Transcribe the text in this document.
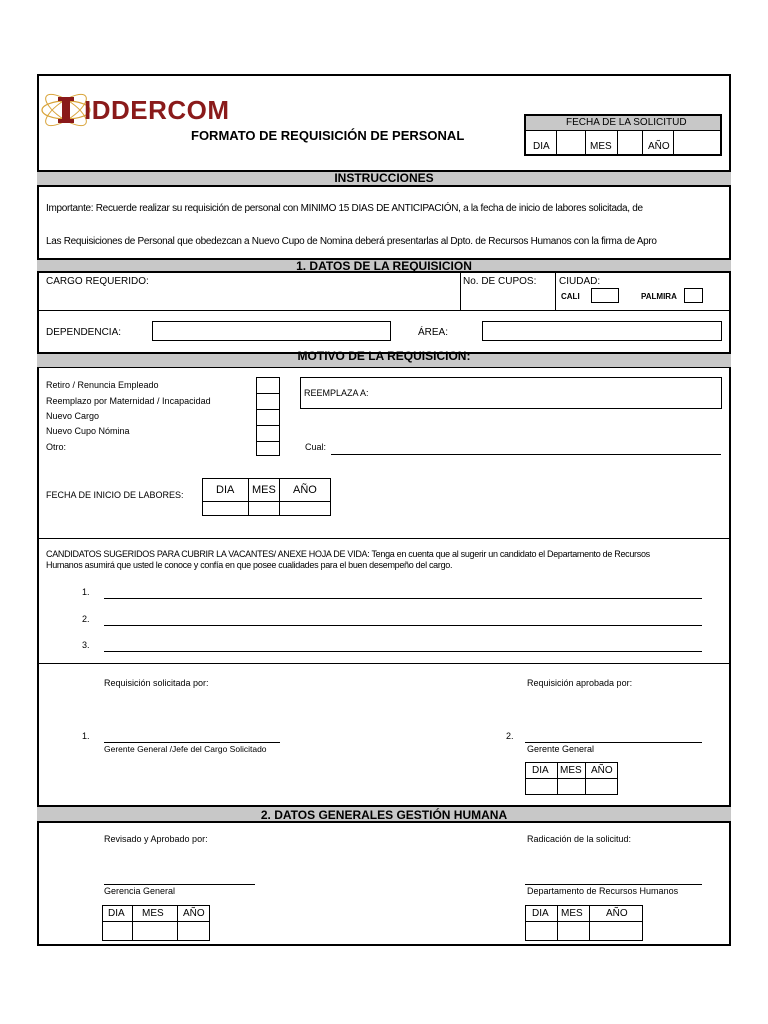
IDDERCOM
FORMATO DE REQUISICIÓN DE PERSONAL
FECHA DE LA SOLICITUD
DIA	MES	AÑO
INSTRUCCIONES
Importante: Recuerde realizar su requisición de personal con MINIMO 15 DIAS DE ANTICIPACIÓN, a la fecha de inicio de labores solicitada, de
Las Requisiciones de Personal que obedezcan a Nuevo Cupo de Nomina deberá presentarlas al Dpto. de Recursos Humanos con la firma de Apro
1. DATOS DE LA REQUISICION
CARGO REQUERIDO:	No. DE CUPOS: CIUDAD:
CALI	PALMIRA
DEPENDENCIA:	ÁREA:
MOTIVO DE LA REQUISICION:
Retiro / Renuncia Empleado
Reemplazo por Maternidad / Incapacidad
Nuevo Cargo
Nuevo Cupo Nómina
Otro:
REEMPLAZA A:
Cual:
FECHA DE INICIO DE LABORES:	DIA MES AÑO
CANDIDATOS SUGERIDOS PARA CUBRIR LA VACANTES/ ANEXE HOJA DE VIDA: Tenga en cuenta que al sugerir un candidato el Departamento de Recursos
Humanos asumirá que usted le conoce y confía en que posee cualidades para el buen desempeño del cargo.
1.
2.
3.
Requisición solicitada por:	Requisición aprobada por:
1.
Gerente General /Jefe del Cargo Solicitado
2.
Gerente General
DIA MES AÑO
2. DATOS GENERALES GESTIÓN HUMANA
Revisado y Aprobado por:	Radicación de la solicitud:
Gerencia General	Departamento de Recursos Humanos
DIA MES AÑO	DIA MES AÑO
